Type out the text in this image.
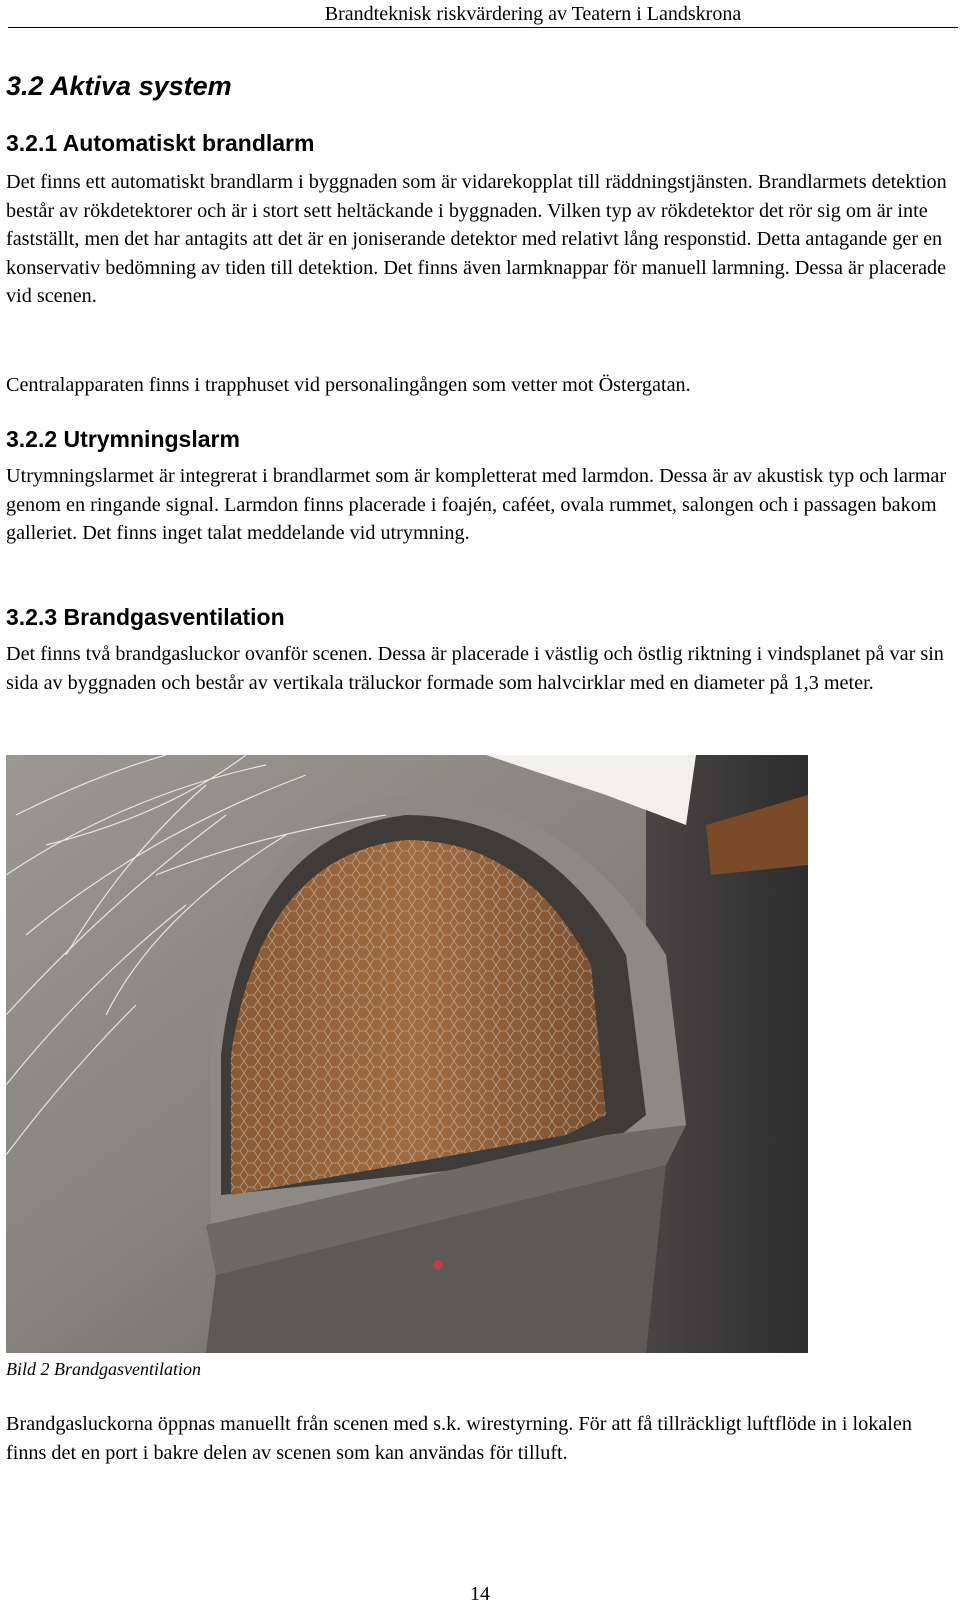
Brandteknisk riskvärdering av Teatern i Landskrona
3.2 Aktiva system
3.2.1 Automatiskt brandlarm

Det finns ett automatiskt brandlarm i byggnaden som är vidarekopplat till räddningstjänsten. Brandlarmets detektion består av rökdetektorer och är i stort sett heltäckande i byggnaden. Vilken typ av rökdetektor det rör sig om är inte fastställt, men det har antagits att det är en joniserande detektor med relativt lång responstid. Detta antagande ger en konservativ bedömning av tiden till detektion. Det finns även larmknappar för manuell larmning. Dessa är placerade vid scenen.

Centralapparaten finns i trapphuset vid personalingången som vetter mot Östergatan.

3.2.2 Utrymningslarm

Utrymningslarmet är integrerat i brandlarmet som är kompletterat med larmdon. Dessa är av akustisk typ och larmar genom en ringande signal. Larmdon finns placerade i foajén, caféet, ovala rummet, salongen och i passagen bakom galleriet. Det finns inget talat meddelande vid utrymning.

3.2.3 Brandgasventilation

Det finns två brandgasluckor ovanför scenen. Dessa är placerade i västlig och östlig riktning i vindsplanet på var sin sida av byggnaden och består av vertikala träluckor formade som halvcirklar med en diameter på 1,3 meter.

Bild 2 Brandgasventilation

Brandgasluckorna öppnas manuellt från scenen med s.k. wirestyrning. För att få tillräckligt luftflöde in i lokalen finns det en port i bakre delen av scenen som kan användas för tilluft.

14
